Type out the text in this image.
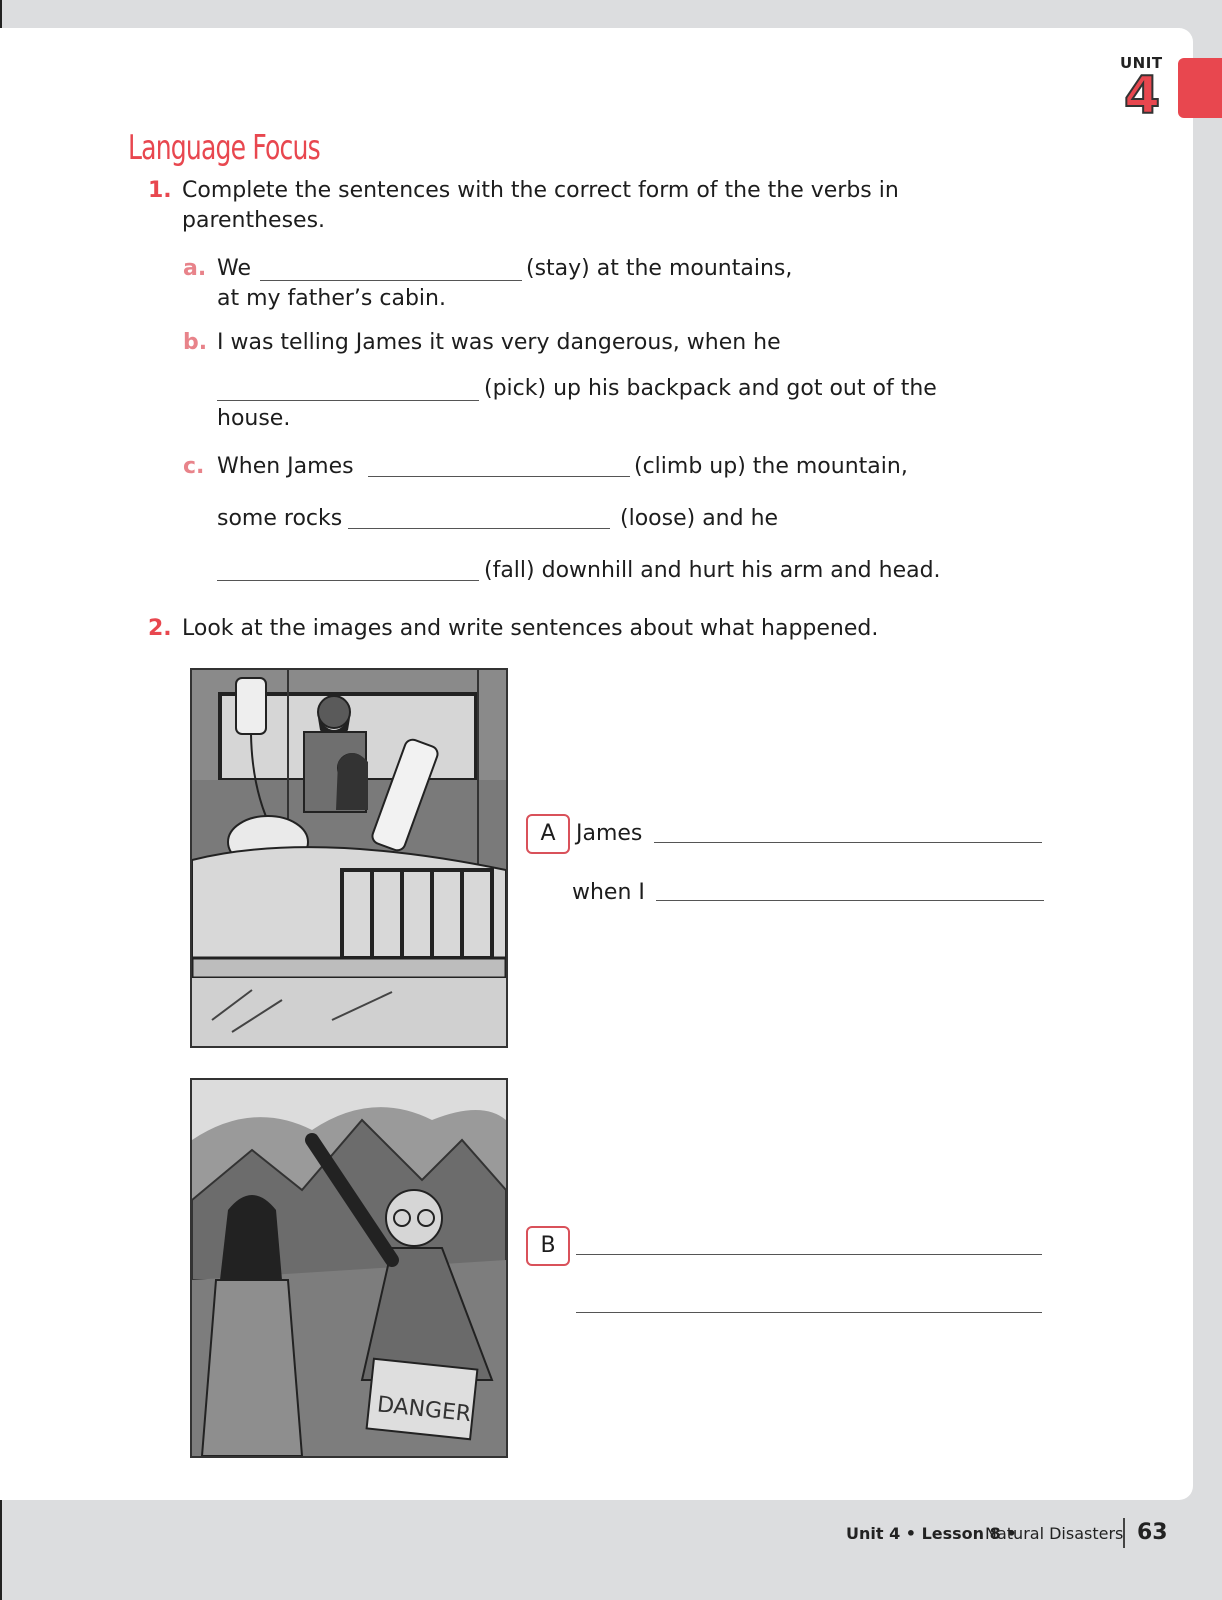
UNIT
4
Language Focus
1. Complete the sentences with the correct form of the the verbs in
parentheses.
a. We	(stay) at the mountains,
at my father’s cabin.
b. I was telling James it was very dangerous, when he
(pick) up his backpack and got out of the
house.
c. When James	(climb up) the mountain,
some rocks	(loose) and he
(fall) downhill and hurt his arm and head.
2. Look at the images and write sentences about what happened.
A James
when I
DANGER
B
Unit 4 • Lesson 8 •
Natural Disasters 63
